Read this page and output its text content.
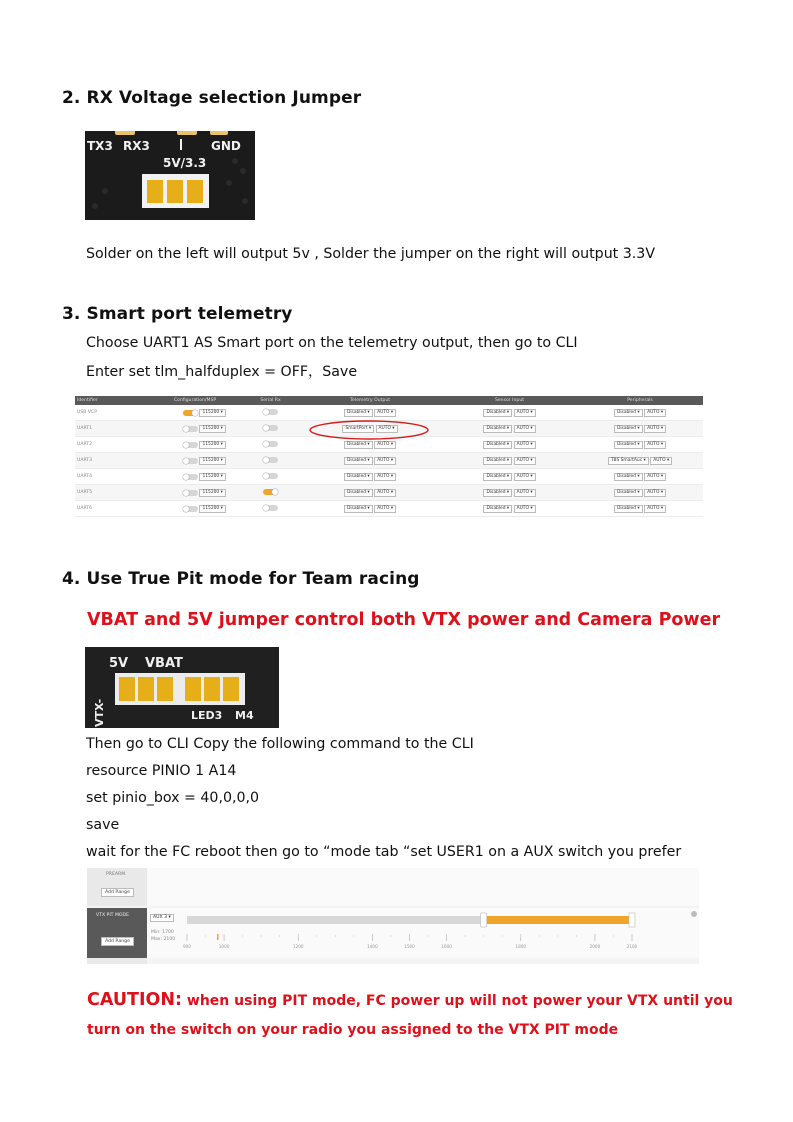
2. RX Voltage selection Jumper
TX3 RX3	GND
5V/3.3
Solder on the left will output 5v , Solder the jumper on the right will output 3.3V
3. Smart port telemetry
Choose UART1 AS Smart port on the telemetry output, then go to CLI
Enter set tlm_halfduplex = OFF，Save
Identifier	Configuration/MSP	Serial Rx	Telemetry Output	Sensor Input	Peripherals
USB VCP	115200 ▾		Disabled ▾ AUTO ▾	Disabled ▾ AUTO ▾	Disabled ▾ AUTO ▾
UART1	115200 ▾		SmartPort ▾ AUTO ▾	Disabled ▾ AUTO ▾	Disabled ▾ AUTO ▾
UART2	115200 ▾		Disabled ▾ AUTO ▾	Disabled ▾ AUTO ▾	Disabled ▾ AUTO ▾
UART3	115200 ▾		Disabled ▾ AUTO ▾	Disabled ▾ AUTO ▾	TBS SmartAuc ▾ AUTO ▾
UART4	115200 ▾		Disabled ▾ AUTO ▾	Disabled ▾ AUTO ▾	Disabled ▾ AUTO ▾
UART5	115200 ▾		Disabled ▾ AUTO ▾	Disabled ▾ AUTO ▾	Disabled ▾ AUTO ▾
UART6	115200 ▾		Disabled ▾ AUTO ▾	Disabled ▾ AUTO ▾	Disabled ▾ AUTO ▾
4. Use True Pit mode for Team racing
VBAT and 5V jumper control both VTX power and Camera Power
5V VBAT
LED3 M4
VTX-
Then go to CLI Copy the following command to the CLI
resource PINIO 1 A14
set pinio_box = 40,0,0,0
save
wait for the FC reboot then go to “mode tab “set USER1 on a AUX switch you prefer
PREARM
Add Range
VTX PIT MODE
Add Range
AUX 3 ▾
Min: 1700
Max: 2100
900	1000	1200	1400	1500	1600	1800	2000	2100
CAUTION: when using PIT mode, FC power up will not power your VTX until you
turn on the switch on your radio you assigned to the VTX PIT mode
